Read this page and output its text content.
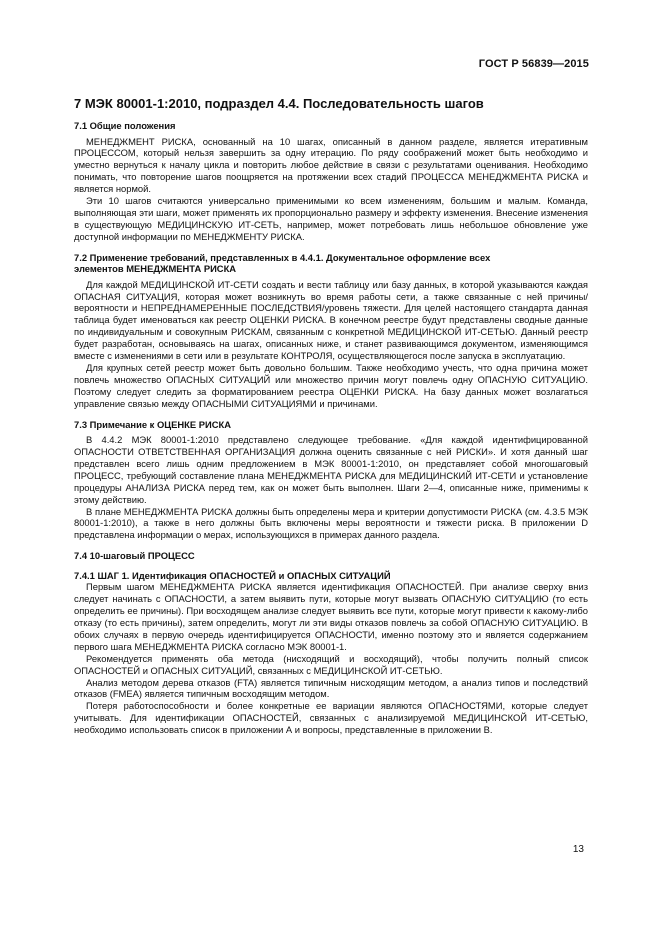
ГОСТ Р 56839—2015
7 МЭК 80001-1:2010, подраздел 4.4. Последовательность шагов
7.1 Общие положения

МЕНЕДЖМЕНТ РИСКА, основанный на 10 шагах, описанный в данном разделе, является итеративным ПРОЦЕССОМ, который нельзя завершить за одну итерацию. По ряду соображений может быть необходимо и уместно вернуться к началу цикла и повторить любое действие в связи с результатами оценивания. Необходимо понимать, что повторение шагов поощряется на протяжении всех стадий ПРОЦЕССА МЕНЕДЖМЕНТА РИСКА и является нормой.

Эти 10 шагов считаются универсально применимыми ко всем изменениям, большим и малым. Команда, выполняющая эти шаги, может применять их пропорционально размеру и эффекту изменения. Внесение изменения в существующую МЕДИЦИНСКУЮ ИТ-СЕТЬ, например, может потребовать лишь небольшое обновление уже доступной информации по МЕНЕДЖМЕНТУ РИСКА.

7.2 Применение требований, представленных в 4.4.1. Документальное оформление всех
элементов МЕНЕДЖМЕНТА РИСКА

Для каждой МЕДИЦИНСКОЙ ИТ-СЕТИ создать и вести таблицу или базу данных, в которой указываются каждая ОПАСНАЯ СИТУАЦИЯ, которая может возникнуть во время работы сети, а также связанные с ней причины/вероятности и НЕПРЕДНАМЕРЕННЫЕ ПОСЛЕДСТВИЯ/уровень тяжести. Для целей настоящего стандарта данная таблица будет именоваться как реестр ОЦЕНКИ РИСКА. В конечном реестре будут представлены сводные данные по индивидуальным и совокупным РИСКАМ, связанным с конкретной МЕДИЦИНСКОЙ ИТ-СЕТЬЮ. Данный реестр будет разработан, основываясь на шагах, описанных ниже, и станет развивающимся документом, изменяющимся вместе с изменениями в сети или в результате КОНТРОЛЯ, осуществляющегося после запуска в эксплуатацию.

Для крупных сетей реестр может быть довольно большим. Также необходимо учесть, что одна причина может повлечь множество ОПАСНЫХ СИТУАЦИЙ или множество причин могут повлечь одну ОПАСНУЮ СИТУАЦИЮ. Поэтому следует следить за форматированием реестра ОЦЕНКИ РИСКА. На базу данных может возлагаться управление связью между ОПАСНЫМИ СИТУАЦИЯМИ и причинами.

7.3 Примечание к ОЦЕНКЕ РИСКА

В 4.4.2 МЭК 80001-1:2010 представлено следующее требование. «Для каждой идентифицированной ОПАСНОСТИ ОТВЕТСТВЕННАЯ ОРГАНИЗАЦИЯ должна оценить связанные с ней РИСКИ». И хотя данный шаг представлен всего лишь одним предложением в МЭК 80001-1:2010, он представляет собой многошаговый ПРОЦЕСС, требующий составление плана МЕНЕДЖМЕНТА РИСКА для МЕДИЦИНСКИЙ ИТ-СЕТИ и установление процедуры АНАЛИЗА РИСКА перед тем, как он может быть выполнен. Шаги 2—4, описанные ниже, применимы к этому действию.

В плане МЕНЕДЖМЕНТА РИСКА должны быть определены мера и критерии допустимости РИСКА (см. 4.3.5 МЭК 80001-1:2010), а также в него должны быть включены меры вероятности и тяжести риска. В приложении D представлена информации о мерах, использующихся в примерах данного раздела.

7.4 10-шаговый ПРОЦЕСС
7.4.1 ШАГ 1. Идентификация ОПАСНОСТЕЙ и ОПАСНЫХ СИТУАЦИЙ

Первым шагом МЕНЕДЖМЕНТА РИСКА является идентификация ОПАСНОСТЕЙ. При анализе сверху вниз следует начинать с ОПАСНОСТИ, а затем выявить пути, которые могут вызвать ОПАСНУЮ СИТУАЦИЮ (то есть определить ее причины). При восходящем анализе следует выявить все пути, которые могут привести к какому-либо отказу (то есть причины), затем определить, могут ли эти виды отказов повлечь за собой ОПАСНУЮ СИТУАЦИЮ. В обоих случаях в первую очередь идентифицируется ОПАСНОСТИ, именно поэтому это и является содержанием первого шага МЕНЕДЖМЕНТА РИСКА согласно МЭК 80001-1.

Рекомендуется применять оба метода (нисходящий и восходящий), чтобы получить полный список ОПАСНОСТЕЙ и ОПАСНЫХ СИТУАЦИЙ, связанных с МЕДИЦИНСКОЙ ИТ-СЕТЬЮ.

Анализ методом дерева отказов (FTA) является типичным нисходящим методом, а анализ типов и последствий отказов (FMEA) является типичным восходящим методом.

Потеря работоспособности и более конкретные ее вариации являются ОПАСНОСТЯМИ, которые следует учитывать. Для идентификации ОПАСНОСТЕЙ, связанных с анализируемой МЕДИЦИНСКОЙ ИТ-СЕТЬЮ, необходимо использовать список в приложении А и вопросы, представленные в приложении В.

13
